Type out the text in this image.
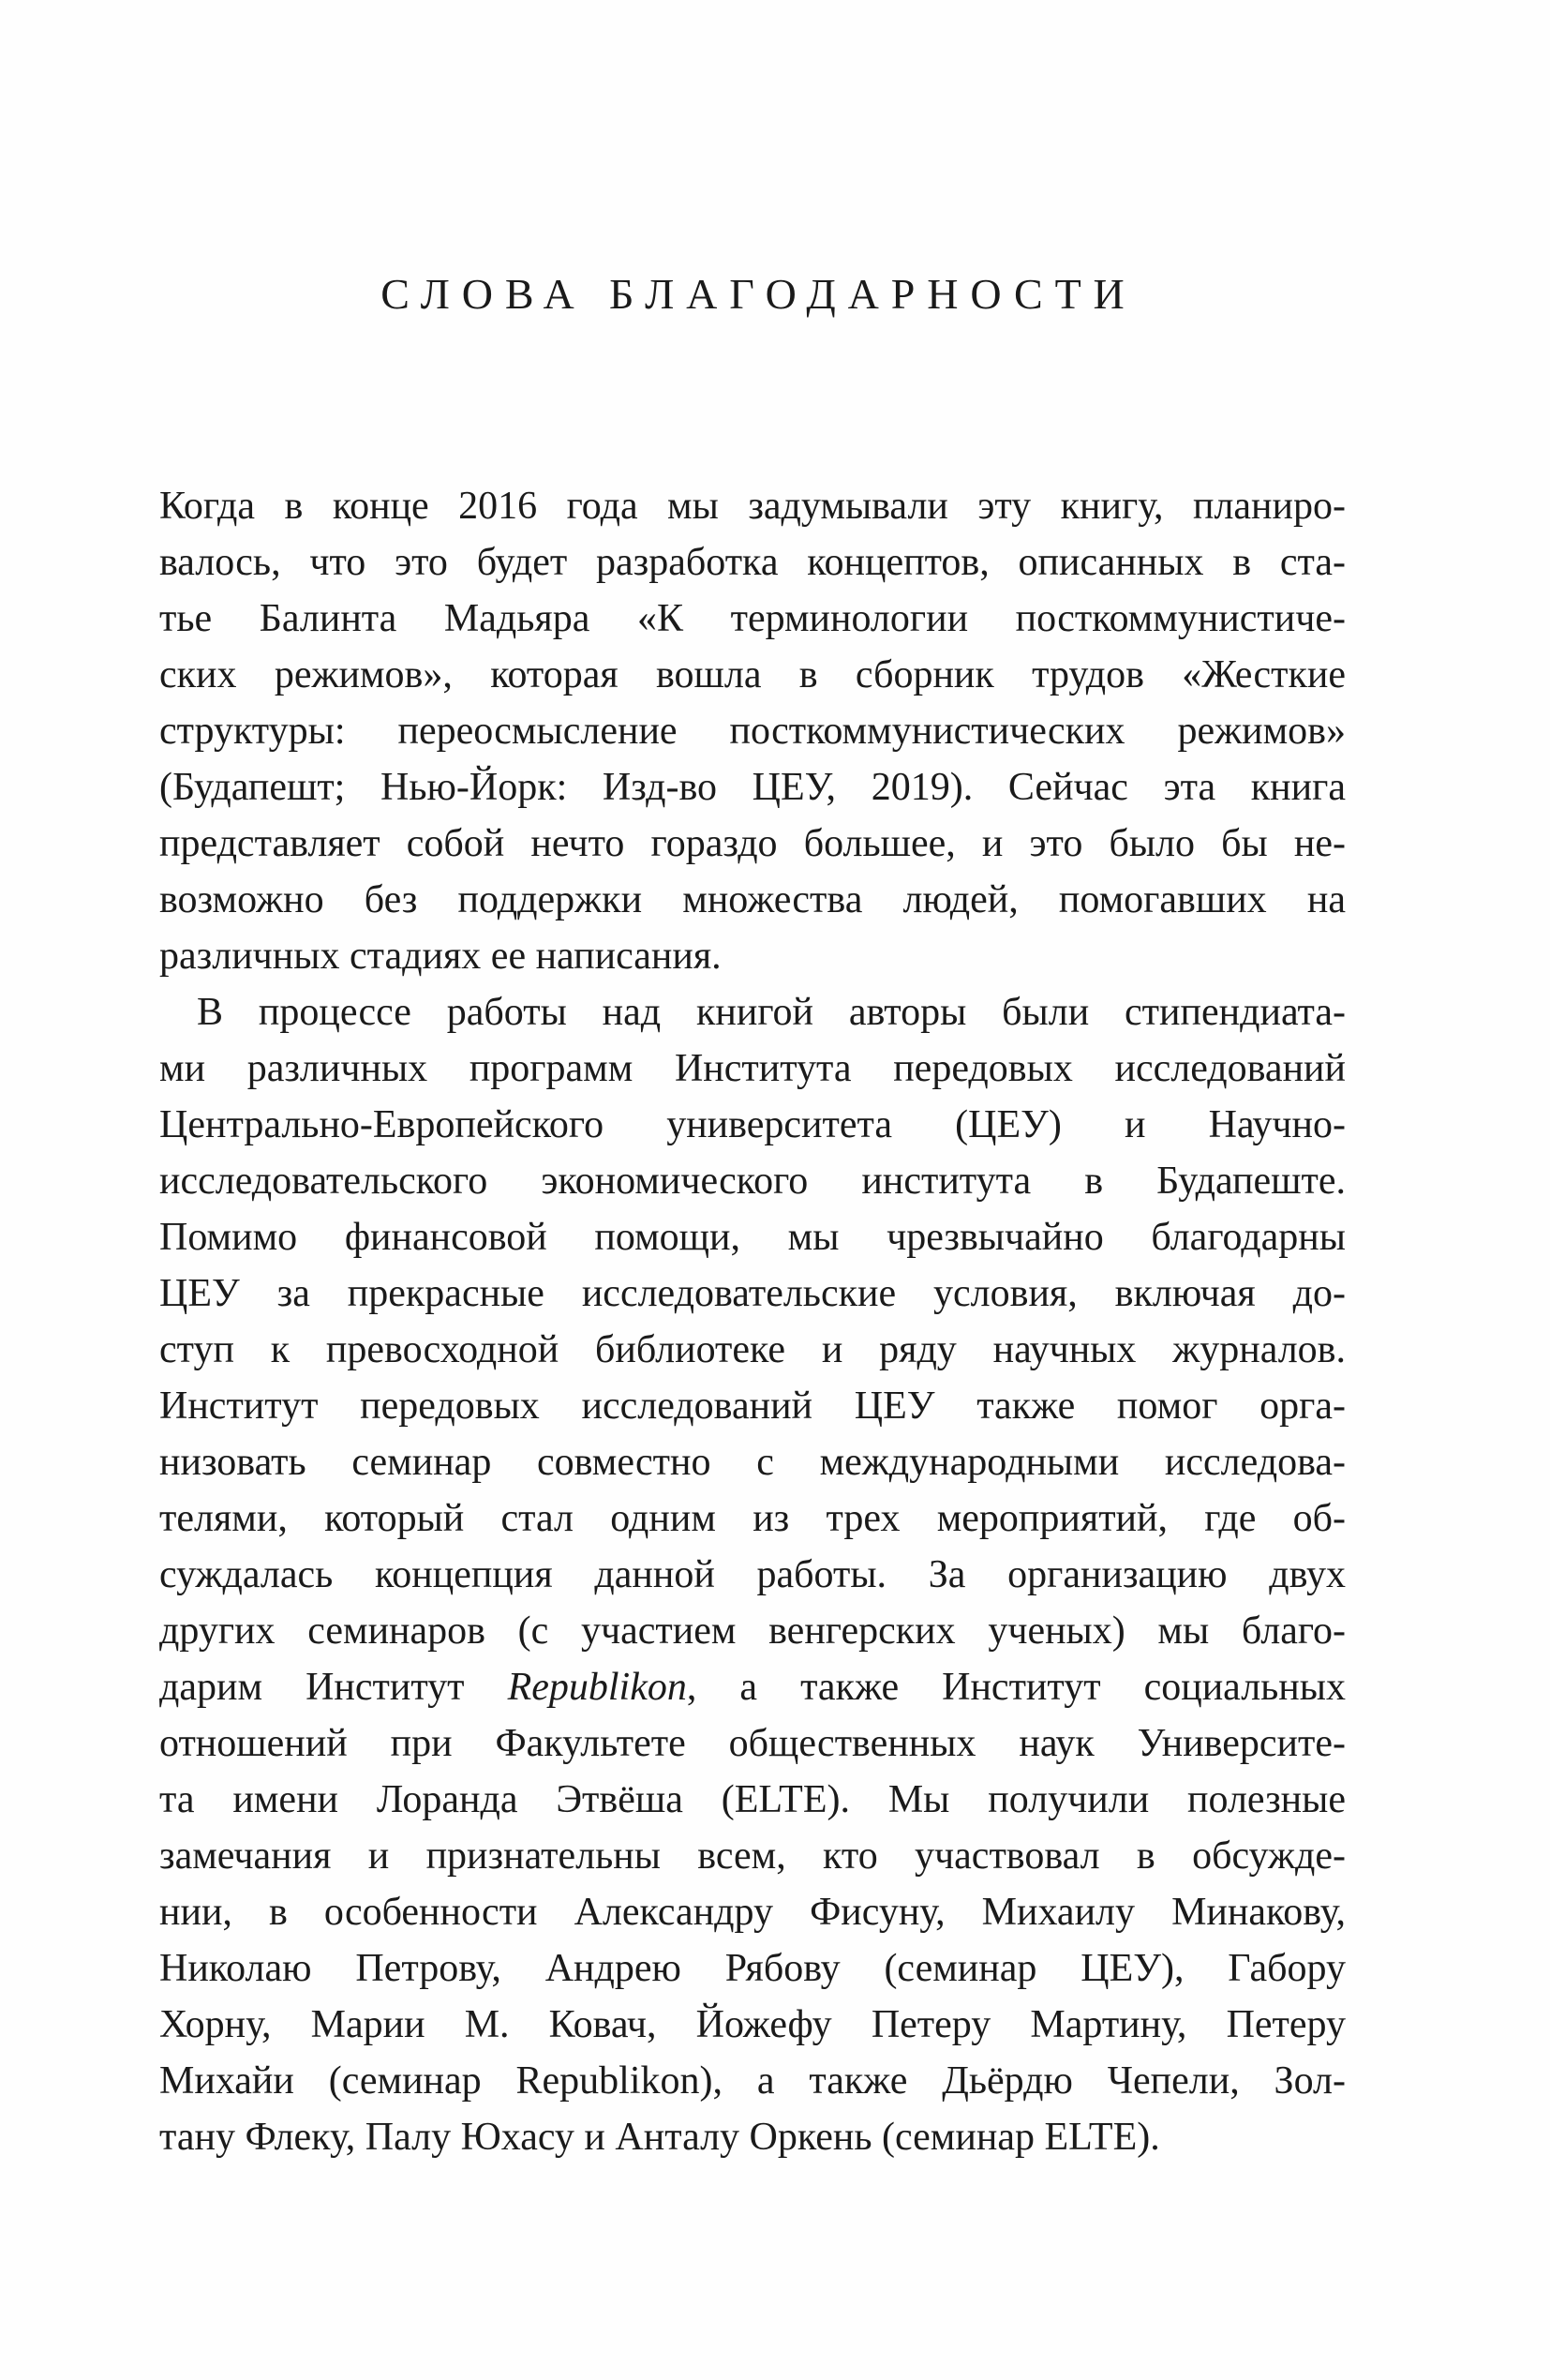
СЛОВА БЛАГОДАРНОСТИ
Когда в конце 2016 года мы задумывали эту книгу, планиро-
валось, что это будет разработка концептов, описанных в ста-
тье Балинта Мадьяра «К терминологии посткоммунистиче-
ских режимов», которая вошла в сборник трудов «Жесткие
структуры: переосмысление посткоммунистических режимов»
(Будапешт; Нью-Йорк: Изд-во ЦЕУ, 2019). Сейчас эта книга
представляет собой нечто гораздо большее, и это было бы не-
возможно без поддержки множества людей, помогавших на
различных стадиях ее написания.
В процессе работы над книгой авторы были стипендиата-
ми различных программ Института передовых исследований
Центрально-Европейского университета (ЦЕУ) и Научно-
исследовательского экономического института в Будапеште.
Помимо финансовой помощи, мы чрезвычайно благодарны
ЦЕУ за прекрасные исследовательские условия, включая до-
ступ к превосходной библиотеке и ряду научных журналов.
Институт передовых исследований ЦЕУ также помог орга-
низовать семинар совместно с международными исследова-
телями, который стал одним из трех мероприятий, где об-
суждалась концепция данной работы. За организацию двух
других семинаров (с участием венгерских ученых) мы благо-
дарим Институт Republikon, а также Институт социальных
отношений при Факультете общественных наук Университе-
та имени Лоранда Этвёша (ELTE). Мы получили полезные
замечания и признательны всем, кто участвовал в обсужде-
нии, в особенности Александру Фисуну, Михаилу Минакову,
Николаю Петрову, Андрею Рябову (семинар ЦЕУ), Габору
Хорну, Марии М. Ковач, Йожефу Петеру Мартину, Петеру
Михайи (семинар Republikon), а также Дьёрдю Чепели, Зол-
тану Флеку, Палу Юхасу и Анталу Оркень (семинар ELTE).
